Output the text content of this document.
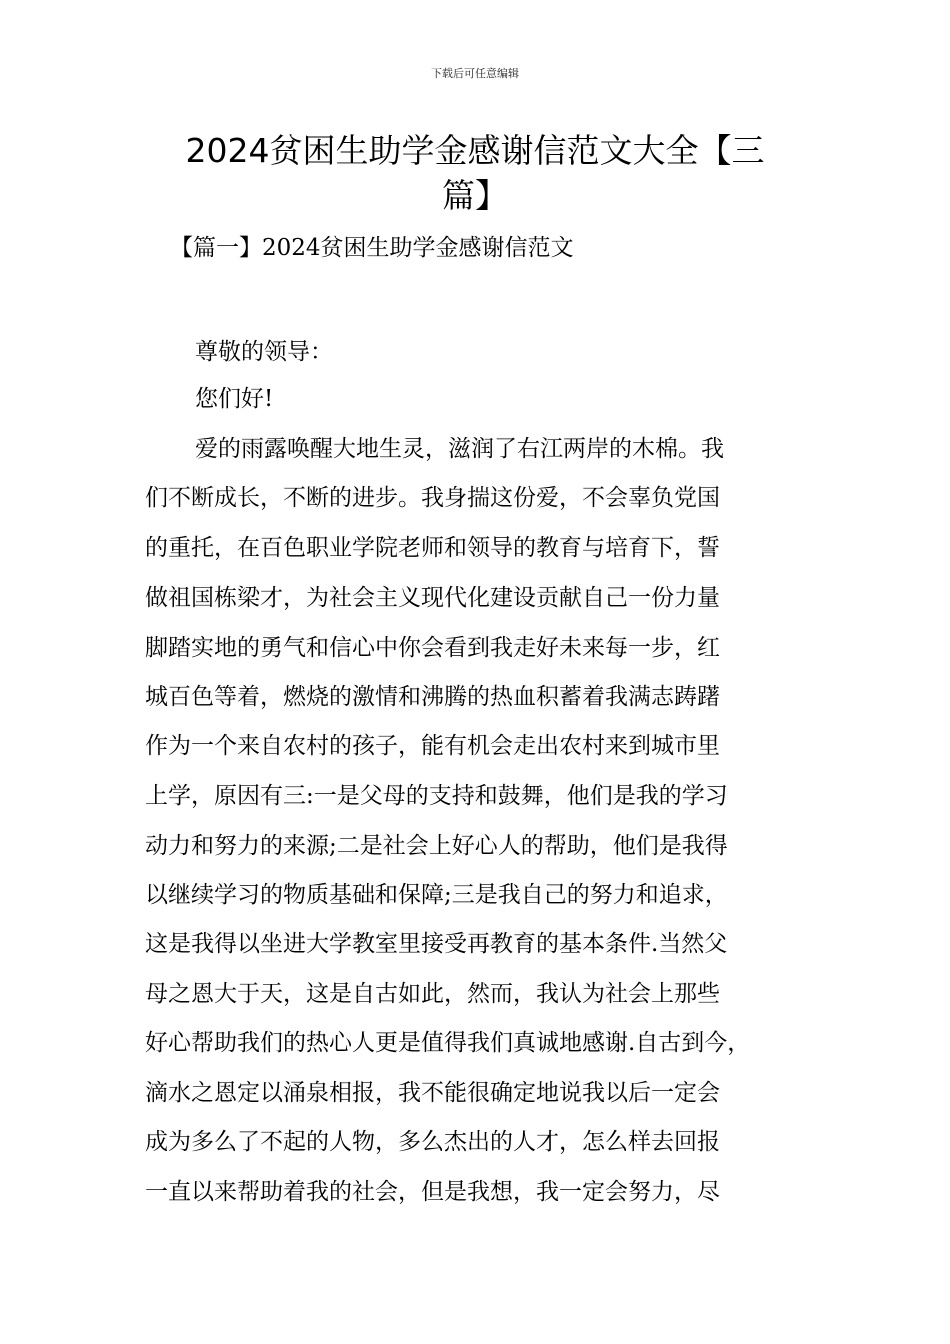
下载后可任意编辑
2024贫困生助学金感谢信范文大全【三
篇】
【篇一】2024贫困生助学金感谢信范文

尊敬的领导：

您们好!

爱的雨露唤醒大地生灵，滋润了右江两岸的木棉。我

们不断成长，不断的进步。我身揣这份爱，不会辜负党国

的重托，在百色职业学院老师和领导的教育与培育下，誓

做祖国栋梁才，为社会主义现代化建设贡献自己一份力量

脚踏实地的勇气和信心中你会看到我走好未来每一步，红

城百色等着，燃烧的激情和沸腾的热血积蓄着我满志踌躇

作为一个来自农村的孩子，能有机会走出农村来到城市里

上学，原因有三:一是父母的支持和鼓舞，他们是我的学习

动力和努力的来源;二是社会上好心人的帮助，他们是我得

以继续学习的物质基础和保障;三是我自己的努力和追求，

这是我得以坐进大学教室里接受再教育的基本条件.当然父

母之恩大于天，这是自古如此，然而，我认为社会上那些

好心帮助我们的热心人更是值得我们真诚地感谢.自古到今，

滴水之恩定以涌泉相报，我不能很确定地说我以后一定会

成为多么了不起的人物，多么杰出的人才，怎么样去回报

一直以来帮助着我的社会，但是我想，我一定会努力，尽
